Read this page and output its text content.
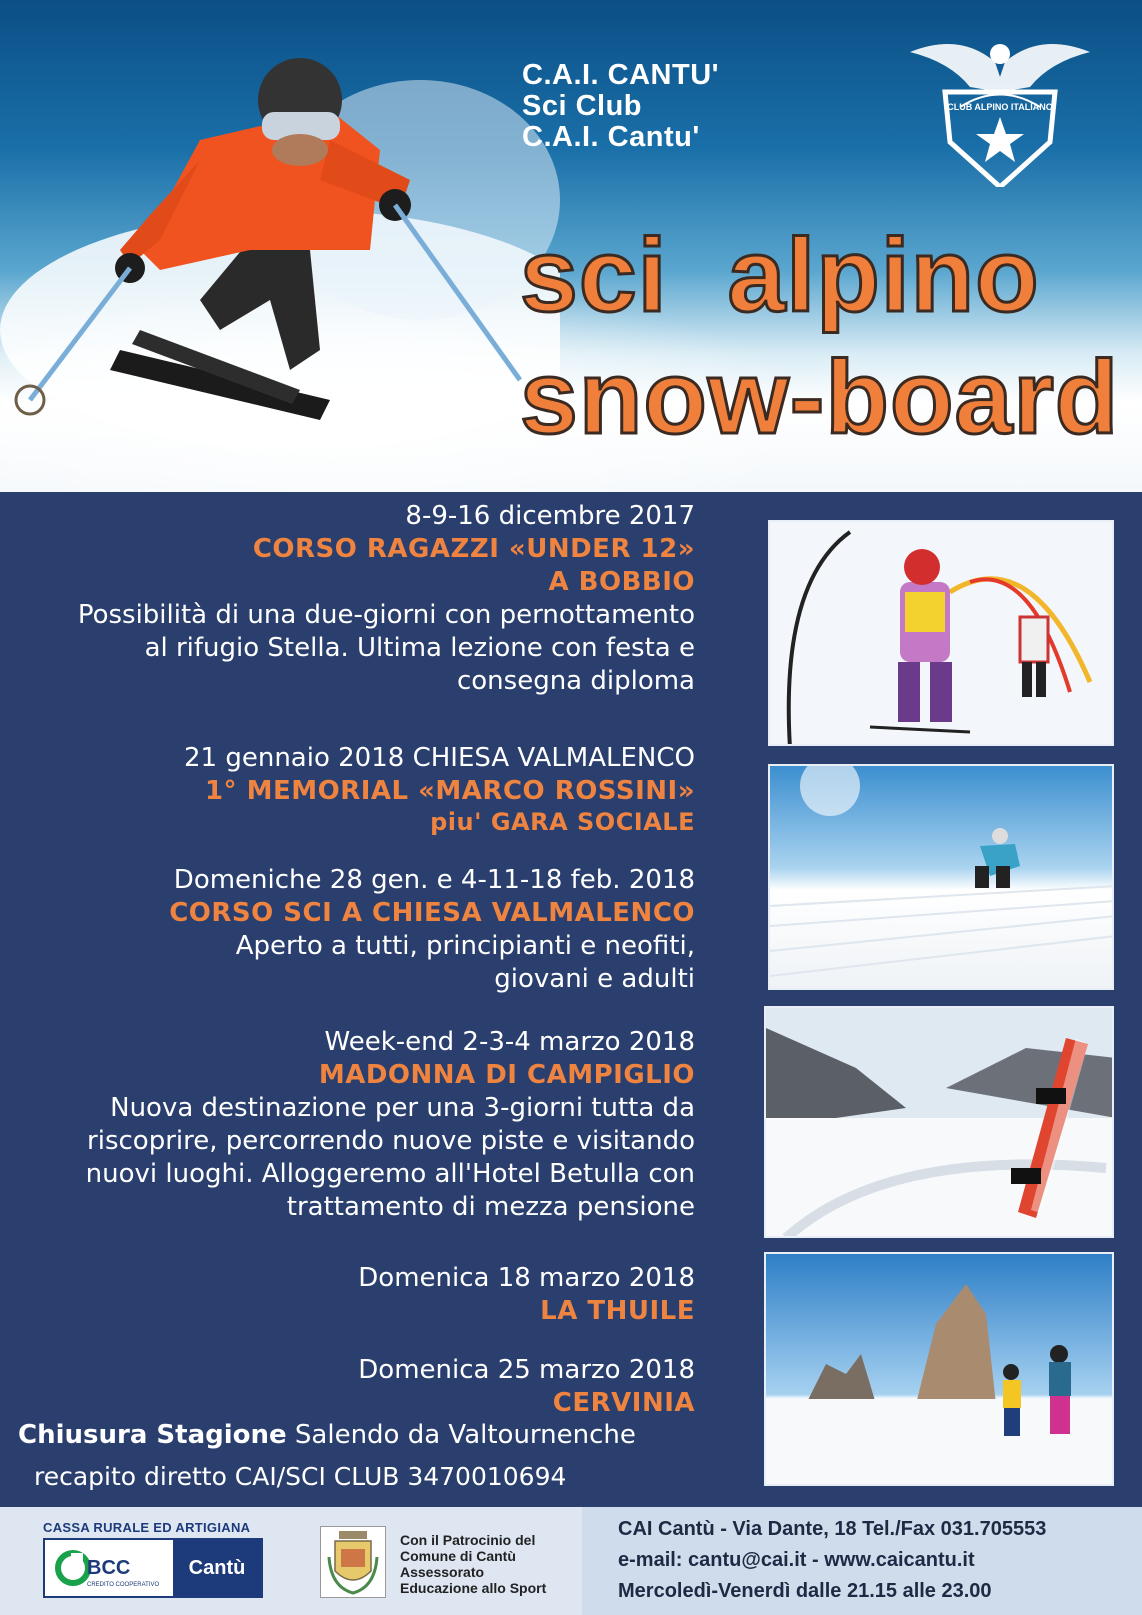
C.A.I. CANTU'
Sci Club
C.A.I. Cantu'
CLUB ALPINO ITALIANO
sci alpino
snow-board
8-9-16 dicembre 2017
CORSO RAGAZZI «UNDER 12»
A BOBBIO
Possibilità di una due-giorni con pernottamento
al rifugio Stella. Ultima lezione con festa e
consegna diploma
21 gennaio 2018 CHIESA VALMALENCO
1° MEMORIAL «MARCO ROSSINI»
piu' GARA SOCIALE
Domeniche 28 gen. e 4-11-18 feb. 2018
CORSO SCI A CHIESA VALMALENCO
Aperto a tutti, principianti e neofiti,
giovani e adulti
Week-end 2-3-4 marzo 2018
MADONNA DI CAMPIGLIO
Nuova destinazione per una 3-giorni tutta da
riscoprire, percorrendo nuove piste e visitando
nuovi luoghi. Alloggeremo all'Hotel Betulla con
trattamento di mezza pensione
Domenica 18 marzo 2018
LA THUILE
Domenica 25 marzo 2018
CERVINIA
Chiusura Stagione Salendo da Valtournenche
recapito diretto CAI/SCI CLUB 3470010694
CASSA RURALE ED ARTIGIANA
BCC
CREDITO COOPERATIVO
Cantù
Con il Patrocinio del
Comune di Cantù
Assessorato
Educazione allo Sport
CAI Cantù - Via Dante, 18 Tel./Fax 031.705553
e-mail: cantu@cai.it - www.caicantu.it
Mercoledì-Venerdì dalle 21.15 alle 23.00
